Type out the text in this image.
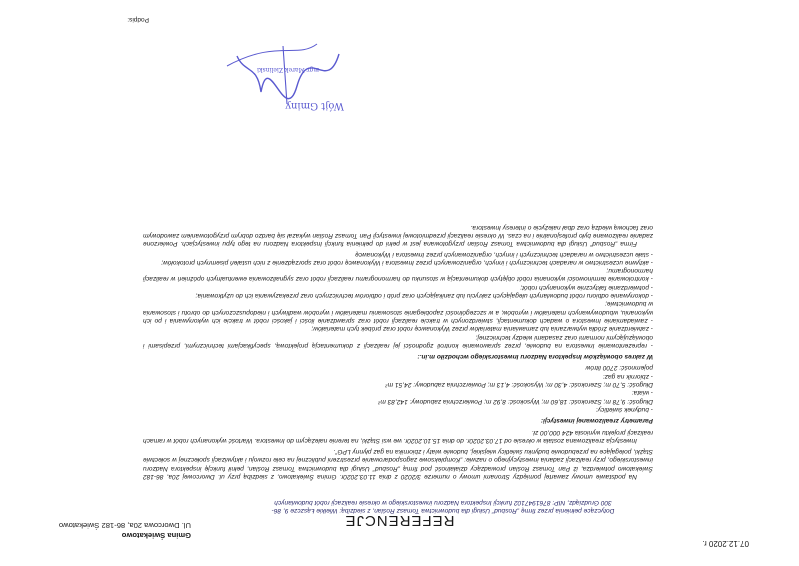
Gmina Świekatowo
Ul. Dworcowa 20a, 86-182 Świekatowo
07.12.2020 r.
REFERENCJE
Dotyczące pełnienia przez firmę „Rosbud” Usługi dla budownictwa Tomasz Roślan, z siedzibą: Wielkie Łąszcze 9, 86-
300 Grudziądz, NIP: 8761947102 funkcji Inspektora Nadzoru inwestorskiego w okresie realizacji robót budowlanych

Na podstawie umowy zawartej pomiędzy Stronami umowy o numerze 3/2020 z dnia 11.03.2020r. Gmina Świekatowo, z siedzibą przy ul. Dworcowej 20a, 86-182 Świekatowo potwierdza, iż Pan Tomasz Roślan prowadzący działalność pod firmą „Rosbud” Usługi dla budownictwa Tomasz Roślan, pełnił funkcję inspektora Nadzoru inwestorskiego, przy realizacji zadania inwestycyjnego o nazwie: „Kompleksowe zagospodarowanie przestrzeni publicznej na cele rozwoju i aktywizacji społecznej w sołectwie Stążki, polegające na przebudowie budynku świetlicy wiejskiej, budowie wiaty i zbiornika na gaz płynny LPG”.

Inwestycja zrealizowana została w okresie od 17.03.2020r. do dnia 15.10.2020r. we wsi Stążki, na terenie należącym do Inwestora. Wartość wykonanych robót w ramach realizacji projektu wyniosła 424 000,00 zł.

Parametry zrealizowanej inwestycji:

- budynek świetlicy:
Długość: 9,78 m; Szerokość: 18,60 m; Wysokość: 8,92 m; Powierzchnia zabudowy: 142,83 m²
- wiata:
Długość: 5,70 m; Szerokość: 4,30 m; Wysokość: 4,13 m; Powierzchnia zabudowy: 24,51 m²
- zbiornik na gaz:
pojemność: 2700 litrów

W zakres obowiązków Inspektora Nadzoru Inwestorskiego wchodziło m.in.:

- reprezentowanie Inwestora na budowie, przez sprawowanie kontroli zgodności jej realizacji z dokumentacją projektową, specyfikacjami technicznymi, przepisami i obowiązującymi normami oraz zasadami wiedzy technicznej;
- zatwierdzanie źródła wytwarzania lub zamawiania materiałów przez Wykonawcę robót oraz próbek tych materiałów;
- zawiadamianie Inwestora o wadach dokumentacji, stwierdzonych w trakcie realizacji robót oraz sprawdzanie ilości i jakości robót w trakcie ich wykonywania i po ich wykonaniu, wbudowywanych materiałów i wyrobów, a w szczególności zapobieganie stosowaniu materiałów i wyrobów wadliwych i niedopuszczonych do obrotu i stosowania w budownictwie;
- dokonywanie odbioru robót budowlanych ulegających zakryciu lub zanikających oraz prób i odbiorów technicznych oraz przekazywania ich do użytkowania;
- potwierdzanie faktycznie wykonanych robót;
- kontrolowanie terminowości wykonania robót objętych dokumentacją w stosunku do harmonogramu realizacji robót oraz sygnalizowania ewentualnych opóźnień w realizacji harmonogramu;
- aktywne uczestnictwo w naradach technicznych i innych, organizowanych przez Inwestora i Wykonawcę robót oraz sporządzenie z nich ustaleń pisemnych protokołów;
- stałe uczestnictwo w naradach technicznych i innych, organizowanych przez Inwestora i Wykonawcę

Firma „Rosbud” Usługi dla budownictwa Tomasz Roślan przygotowana jest w pełni do pełnienia funkcji Inspektora Nadzoru na tego typu inwestycjach. Powierzone zadanie realizowane było profesjonalnie i na czas. W okresie realizacji przedmiotowej inwestycji Pan Tomasz Roślan wykazał się bardzo dobrym przygotowaniem zawodowym oraz fachową wiedzą oraz dbał należycie o interesy Inwestora.

Wójt Gminy
mgr Marek Zielinski
Podpis:
